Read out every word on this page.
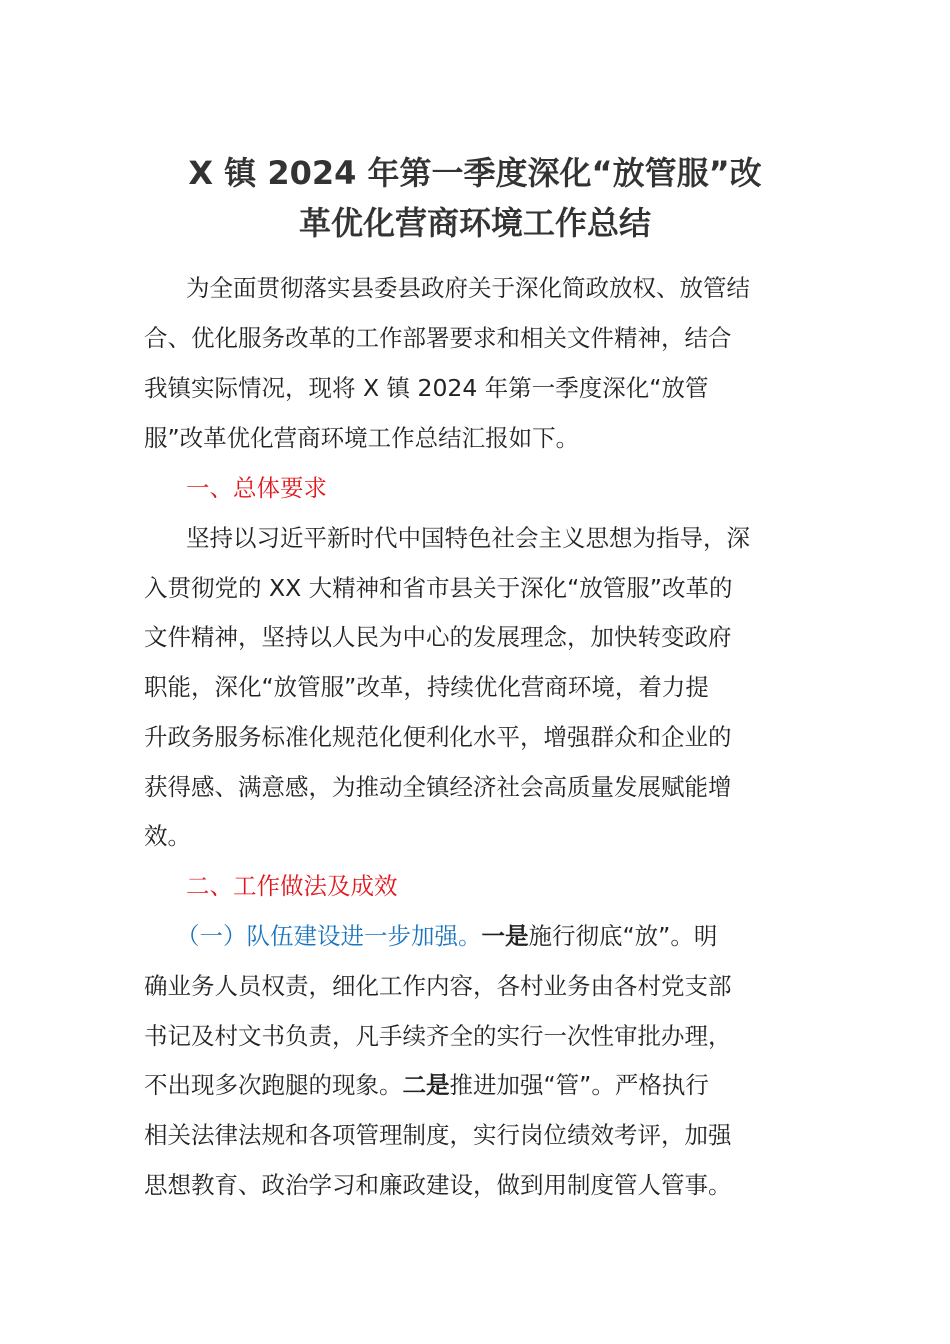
X 镇 2024 年第一季度深化“放管服”改
革优化营商环境工作总结
为全面贯彻落实县委县政府关于深化简政放权、放管结
合、优化服务改革的工作部署要求和相关文件精神，结合
我镇实际情况，现将 X 镇 2024 年第一季度深化“放管
服”改革优化营商环境工作总结汇报如下。
一、总体要求
坚持以习近平新时代中国特色社会主义思想为指导，深
入贯彻党的 XX 大精神和省市县关于深化“放管服”改革的
文件精神，坚持以人民为中心的发展理念，加快转变政府
职能，深化“放管服”改革，持续优化营商环境，着力提
升政务服务标准化规范化便利化水平，增强群众和企业的
获得感、满意感，为推动全镇经济社会高质量发展赋能增
效。
二、工作做法及成效
（一）队伍建设进一步加强。一是施行彻底“放”。明
确业务人员权责，细化工作内容，各村业务由各村党支部
书记及村文书负责，凡手续齐全的实行一次性审批办理，
不出现多次跑腿的现象。二是推进加强“管”。严格执行
相关法律法规和各项管理制度，实行岗位绩效考评，加强
思想教育、政治学习和廉政建设，做到用制度管人管事。
